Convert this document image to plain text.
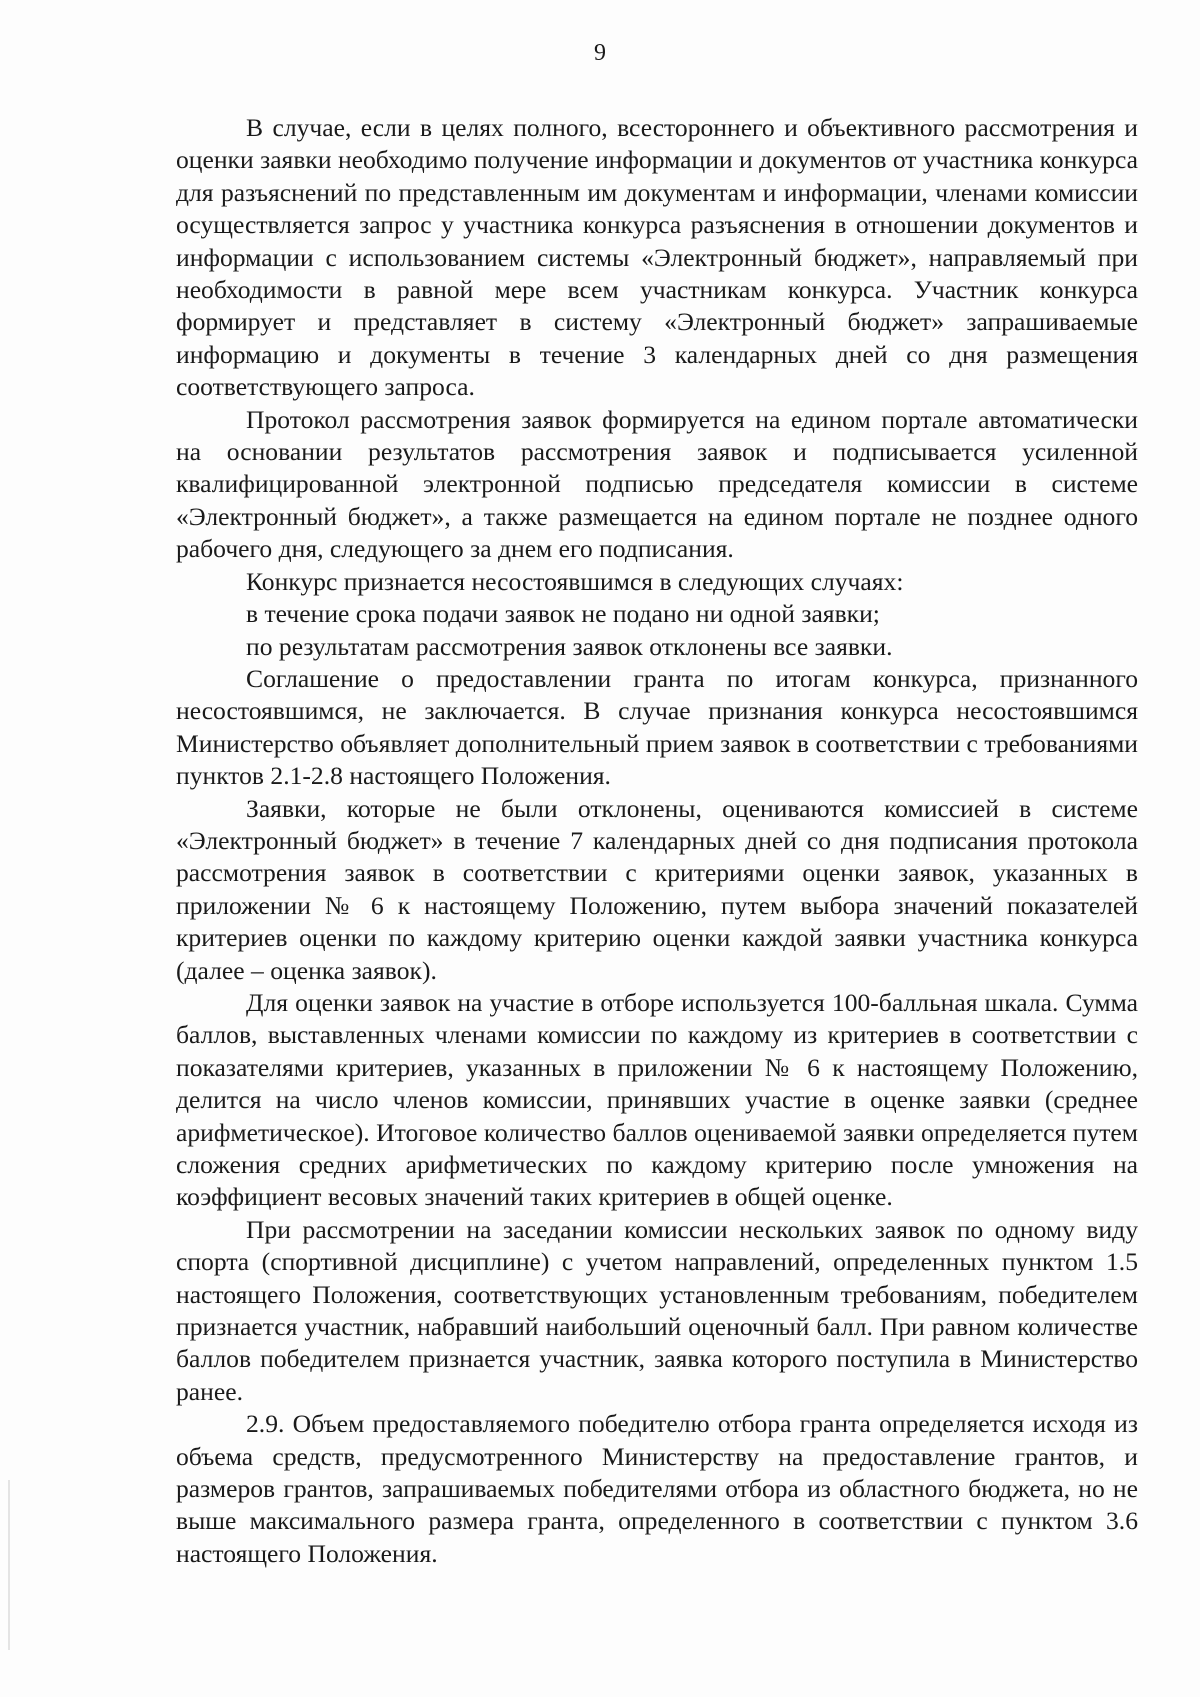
9

В случае, если в целях полного, всестороннего и объективного рассмотрения и оценки заявки необходимо получение информации и документов от участника конкурса для разъяснений по представленным им документам и информации, членами комиссии осуществляется запрос у участника конкурса разъяснения в отношении документов и информации с использованием системы «Электронный бюджет», направляемый при необходимости в равной мере всем участникам конкурса. Участник конкурса формирует и представляет в систему «Электронный бюджет» запрашиваемые информацию и документы в течение 3 календарных дней со дня размещения соответствующего запроса.

Протокол рассмотрения заявок формируется на едином портале автоматически на основании результатов рассмотрения заявок и подписывается усиленной квалифицированной электронной подписью председателя комиссии в системе «Электронный бюджет», а также размещается на едином портале не позднее одного рабочего дня, следующего за днем его подписания.

Конкурс признается несостоявшимся в следующих случаях:

в течение срока подачи заявок не подано ни одной заявки;

по результатам рассмотрения заявок отклонены все заявки.

Соглашение о предоставлении гранта по итогам конкурса, признанного несостоявшимся, не заключается. В случае признания конкурса несостоявшимся Министерство объявляет дополнительный прием заявок в соответствии с требованиями пунктов 2.1-2.8 настоящего Положения.

Заявки, которые не были отклонены, оцениваются комиссией в системе «Электронный бюджет» в течение 7 календарных дней со дня подписания протокола рассмотрения заявок в соответствии с критериями оценки заявок, указанных в приложении № 6 к настоящему Положению, путем выбора значений показателей критериев оценки по каждому критерию оценки каждой заявки участника конкурса (далее – оценка заявок).

Для оценки заявок на участие в отборе используется 100-балльная шкала. Сумма баллов, выставленных членами комиссии по каждому из критериев в соответствии с показателями критериев, указанных в приложении № 6 к настоящему Положению, делится на число членов комиссии, принявших участие в оценке заявки (среднее арифметическое). Итоговое количество баллов оцениваемой заявки определяется путем сложения средних арифметических по каждому критерию после умножения на коэффициент весовых значений таких критериев в общей оценке.

При рассмотрении на заседании комиссии нескольких заявок по одному виду спорта (спортивной дисциплине) с учетом направлений, определенных пунктом 1.5 настоящего Положения, соответствующих установленным требованиям, победителем признается участник, набравший наибольший оценочный балл. При равном количестве баллов победителем признается участник, заявка которого поступила в Министерство ранее.

2.9. Объем предоставляемого победителю отбора гранта определяется исходя из объема средств, предусмотренного Министерству на предоставление грантов, и размеров грантов, запрашиваемых победителями отбора из областного бюджета, но не выше максимального размера гранта, определенного в соответствии с пунктом 3.6 настоящего Положения.
